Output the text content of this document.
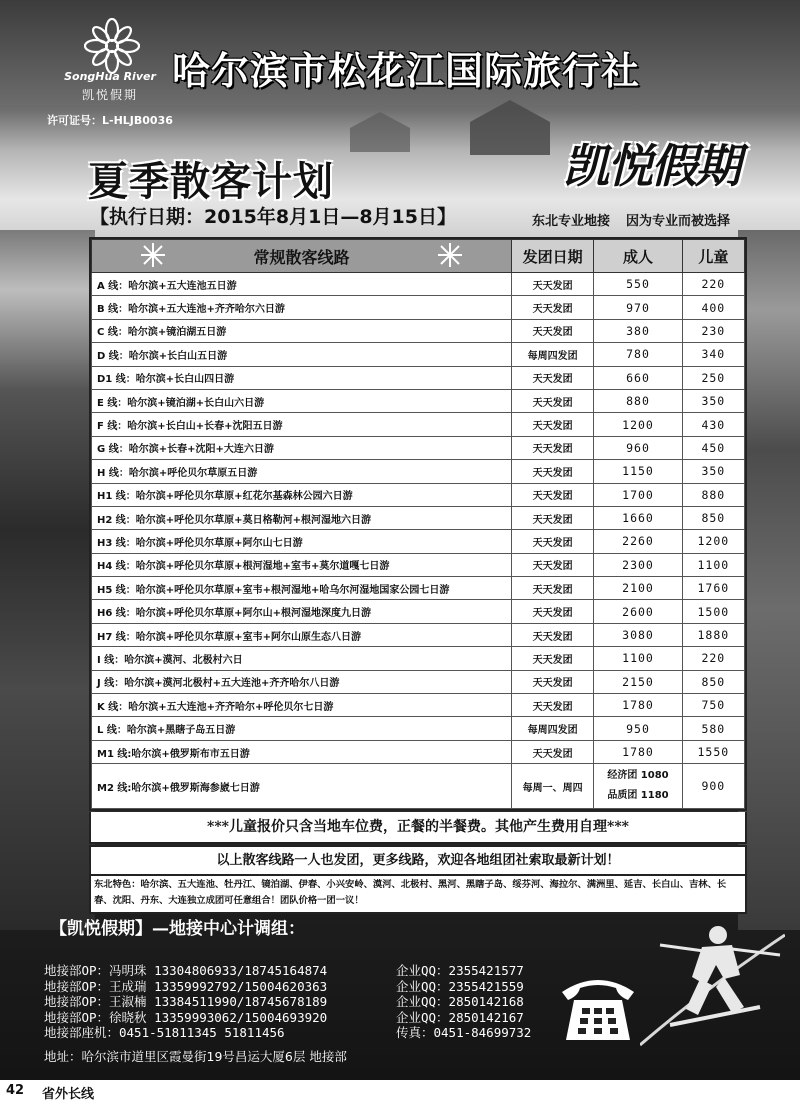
SongHua River
凯悦假期
许可证号：L-HLJB0036
哈尔滨市松花江国际旅行社
凯悦假期
夏季散客计划
【执行日期：2015年8月1日—8月15日】	东北专业地接 因为专业而被选择
常规散客线路	发团日期	成人	儿童
A 线：哈尔滨+五大连池五日游	天天发团	550	220
B 线：哈尔滨+五大连池+齐齐哈尔六日游	天天发团	970	400
C 线：哈尔滨+镜泊湖五日游	天天发团	380	230
D 线：哈尔滨+长白山五日游	每周四发团	780	340
D1 线：哈尔滨+长白山四日游	天天发团	660	250
E 线：哈尔滨+镜泊湖+长白山六日游	天天发团	880	350
F 线：哈尔滨+长白山+长春+沈阳五日游	天天发团	1200	430
G 线：哈尔滨+长春+沈阳+大连六日游	天天发团	960	450
H 线：哈尔滨+呼伦贝尔草原五日游	天天发团	1150	350
H1 线：哈尔滨+呼伦贝尔草原+红花尔基森林公园六日游	天天发团	1700	880
H2 线：哈尔滨+呼伦贝尔草原+莫日格勒河+根河湿地六日游	天天发团	1660	850
H3 线：哈尔滨+呼伦贝尔草原+阿尔山七日游	天天发团	2260	1200
H4 线：哈尔滨+呼伦贝尔草原+根河湿地+室韦+莫尔道嘎七日游	天天发团	2300	1100
H5 线：哈尔滨+呼伦贝尔草原+室韦+根河湿地+哈乌尔河湿地国家公园七日游	天天发团	2100	1760
H6 线：哈尔滨+呼伦贝尔草原+阿尔山+根河湿地深度九日游	天天发团	2600	1500
H7 线：哈尔滨+呼伦贝尔草原+室韦+阿尔山原生态八日游	天天发团	3080	1880
I 线：哈尔滨+漠河、北极村六日	天天发团	1100	220
J 线：哈尔滨+漠河北极村+五大连池+齐齐哈尔八日游	天天发团	2150	850
K 线：哈尔滨+五大连池+齐齐哈尔+呼伦贝尔七日游	天天发团	1780	750
L 线：哈尔滨+黑瞎子岛五日游	每周四发团	950	580
M1 线:哈尔滨+俄罗斯布市五日游	天天发团	1780	1550
M2 线:哈尔滨+俄罗斯海参崴七日游	每周一、周四	经济团 1080
品质团 1180	900
***儿童报价只含当地车位费，正餐的半餐费。其他产生费用自理***
以上散客线路一人也发团，更多线路，欢迎各地组团社索取最新计划！
东北特色：哈尔滨、五大连池、牡丹江、镜泊湖、伊春、小兴安岭、漠河、北极村、黑河、黑瞎子岛、绥芬河、海拉尔、满洲里、延吉、长白山、吉林、长春、沈阳、丹东、大连独立成团可任意组合！团队价格一团一议！
【凯悦假期】—地接中心计调组：
地接部OP：冯明珠 13304806933/18745164874	企业QQ：2355421577
地接部OP：王成瑞 13359992792/15004620363	企业QQ：2355421559
地接部OP：王淑楠 13384511990/18745678189	企业QQ：2850142168
地接部OP：徐晓秋 13359993062/15004693920	企业QQ：2850142167
地接部座机：0451-51811345 51811456	传真：0451-84699732
地址：哈尔滨市道里区霞曼街19号昌运大厦6层 地接部
42 省外长线
